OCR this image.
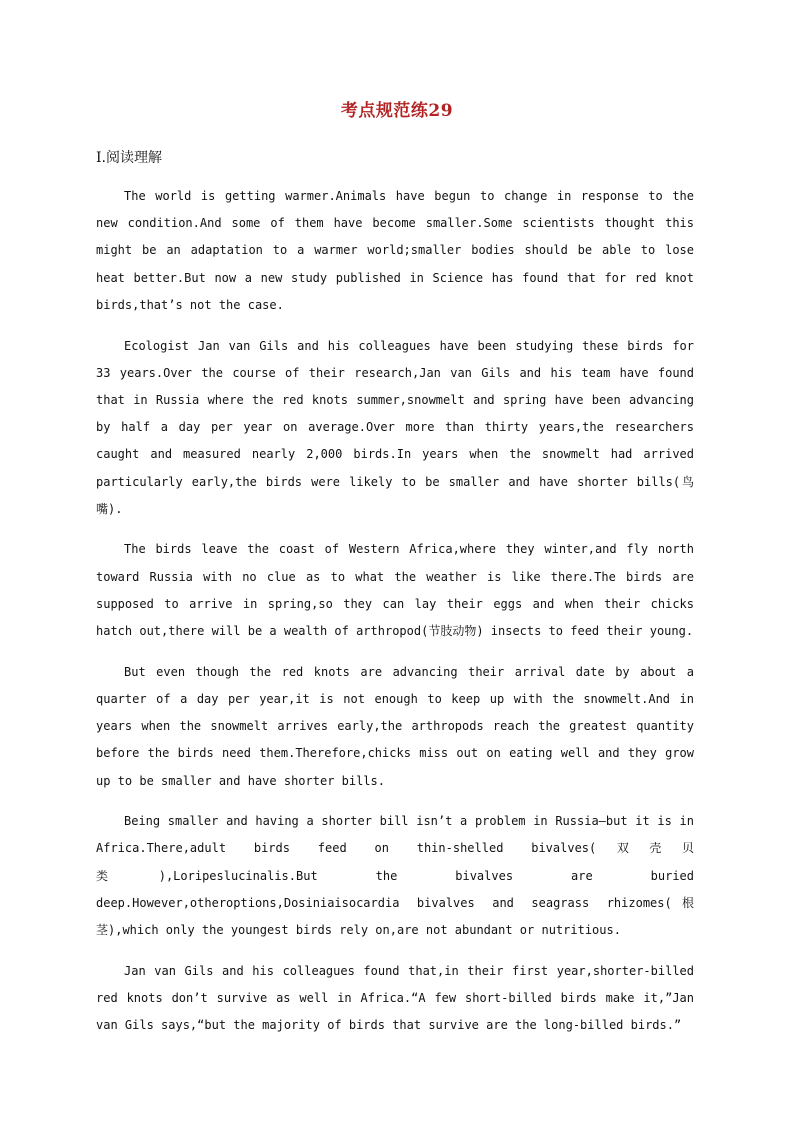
考点规范练29
Ⅰ.阅读理解

The world is getting warmer.Animals have begun to change in response to the new condition.And some of them have become smaller.Some scientists thought this might be an adaptation to a warmer world;smaller bodies should be able to lose heat better.But now a new study published in Science has found that for red knot birds,that’s not the case.

Ecologist Jan van Gils and his colleagues have been studying these birds for 33 years.Over the course of their research,Jan van Gils and his team have found that in Russia where the red knots summer,snowmelt and spring have been advancing by half a day per year on average.Over more than thirty years,the researchers caught and measured nearly 2,000 birds.In years when the snowmelt had arrived particularly early,the birds were likely to be smaller and have shorter bills(鸟嘴).

The birds leave the coast of Western Africa,where they winter,and fly north toward Russia with no clue as to what the weather is like there.The birds are supposed to arrive in spring,so they can lay their eggs and when their chicks hatch out,there will be a wealth of arthropod(节肢动物) insects to feed their young.

But even though the red knots are advancing their arrival date by about a quarter of a day per year,it is not enough to keep up with the snowmelt.And in years when the snowmelt arrives early,the arthropods reach the greatest quantity before the birds need them.Therefore,chicks miss out on eating well and they grow up to be smaller and have shorter bills.

Being smaller and having a shorter bill isn’t a problem in Russia—but it is in Africa.There,adult birds feed on thin-shelled bivalves(双壳贝类),Loripeslucinalis.But the bivalves are buried deep.However,otheroptions,Dosiniaisocardia bivalves and seagrass rhizomes(根茎),which only the youngest birds rely on,are not abundant or nutritious.

Jan van Gils and his colleagues found that,in their first year,shorter-billed red knots don’t survive as well in Africa.“A few short-billed birds make it,”Jan van Gils says,“but the majority of birds that survive are the long-billed birds.”
